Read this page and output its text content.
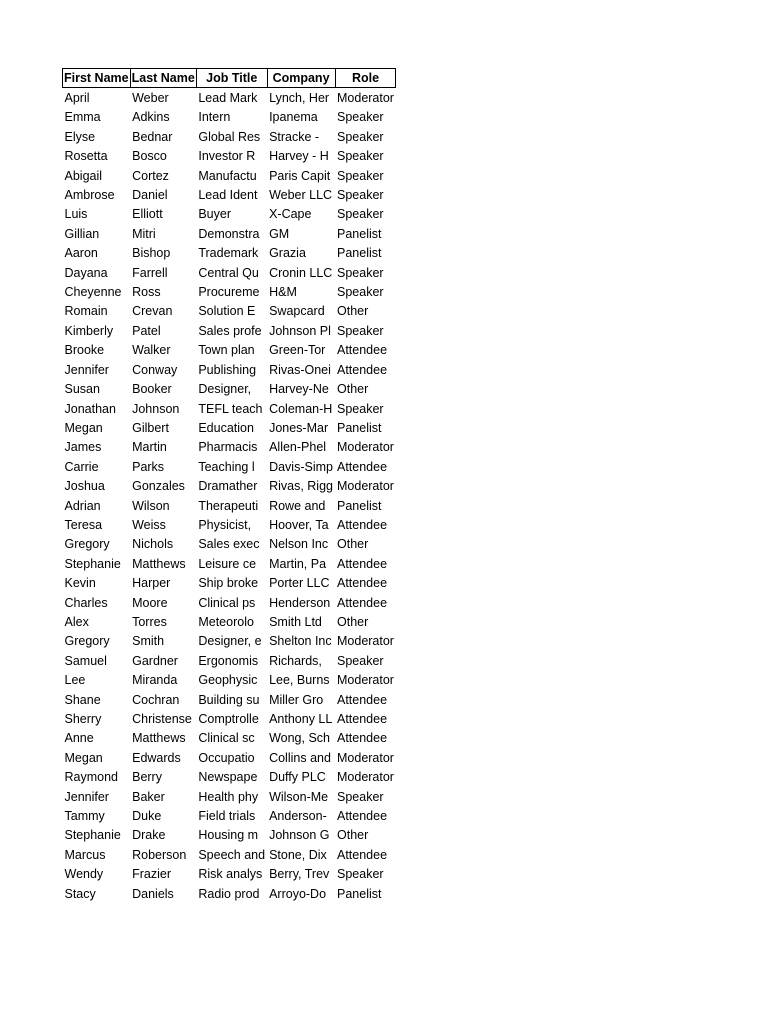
First Name	Last Name	Job Title	Company	Role
April	Weber	Lead Mark	Lynch, Her	Moderator
Emma	Adkins	Intern	Ipanema	Speaker
Elyse	Bednar	Global Res	Stracke -	Speaker
Rosetta	Bosco	Investor R	Harvey - H	Speaker
Abigail	Cortez	Manufactu	Paris Capit	Speaker
Ambrose	Daniel	Lead Ident	Weber LLC	Speaker
Luis	Elliott	Buyer	X-Cape	Speaker
Gillian	Mitri	Demonstra	GM	Panelist
Aaron	Bishop	Trademark	Grazia	Panelist
Dayana	Farrell	Central Qu	Cronin LLC	Speaker
Cheyenne	Ross	Procureme	H&M	Speaker
Romain	Crevan	Solution E	Swapcard	Other
Kimberly	Patel	Sales profe	Johnson Pl	Speaker
Brooke	Walker	Town plan	Green-Tor	Attendee
Jennifer	Conway	Publishing	Rivas-Onei	Attendee
Susan	Booker	Designer,	Harvey-Ne	Other
Jonathan	Johnson	TEFL teach	Coleman-H	Speaker
Megan	Gilbert	Education	Jones-Mar	Panelist
James	Martin	Pharmacis	Allen-Phel	Moderator
Carrie	Parks	Teaching l	Davis-Simp	Attendee
Joshua	Gonzales	Dramather	Rivas, Rigg	Moderator
Adrian	Wilson	Therapeuti	Rowe and	Panelist
Teresa	Weiss	Physicist,	Hoover, Ta	Attendee
Gregory	Nichols	Sales exec	Nelson Inc	Other
Stephanie	Matthews	Leisure ce	Martin, Pa	Attendee
Kevin	Harper	Ship broke	Porter LLC	Attendee
Charles	Moore	Clinical ps	Henderson	Attendee
Alex	Torres	Meteorolo	Smith Ltd	Other
Gregory	Smith	Designer, e	Shelton Inc	Moderator
Samuel	Gardner	Ergonomis	Richards,	Speaker
Lee	Miranda	Geophysic	Lee, Burns	Moderator
Shane	Cochran	Building su	Miller Gro	Attendee
Sherry	Christense	Comptrolle	Anthony LL	Attendee
Anne	Matthews	Clinical sc	Wong, Sch	Attendee
Megan	Edwards	Occupatio	Collins and	Moderator
Raymond	Berry	Newspape	Duffy PLC	Moderator
Jennifer	Baker	Health phy	Wilson-Me	Speaker
Tammy	Duke	Field trials	Anderson-	Attendee
Stephanie	Drake	Housing m	Johnson G	Other
Marcus	Roberson	Speech and	Stone, Dix	Attendee
Wendy	Frazier	Risk analys	Berry, Trev	Speaker
Stacy	Daniels	Radio prod	Arroyo-Do	Panelist
